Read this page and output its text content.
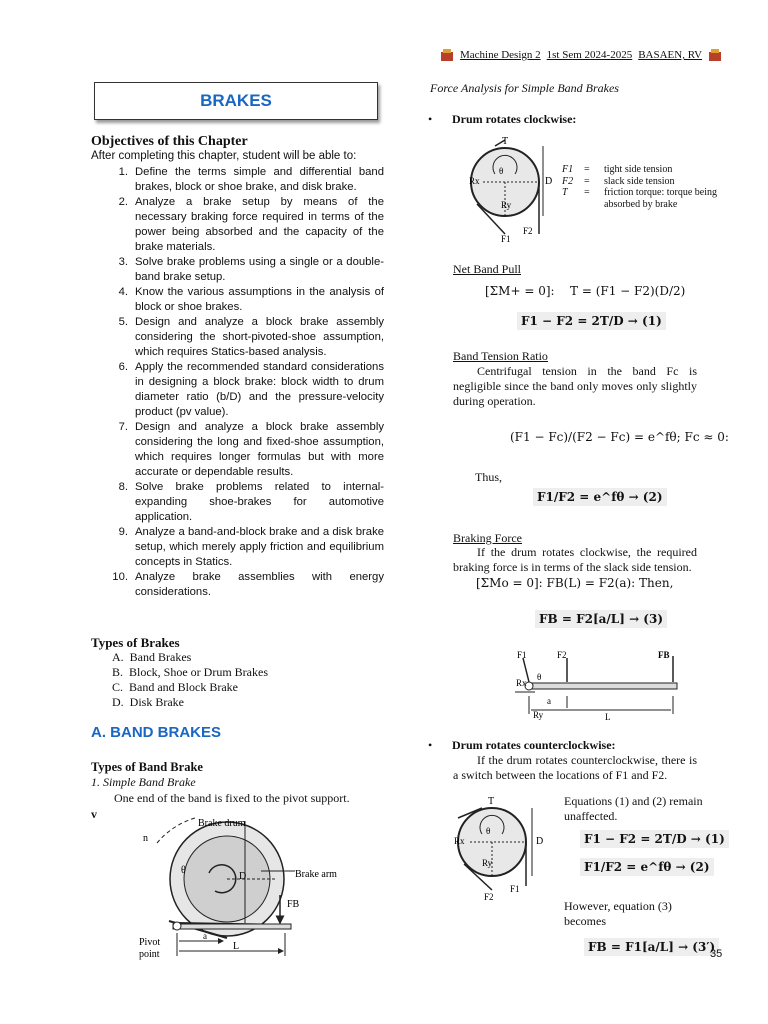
Machine Design 2 1st Sem 2024-2025 BASAEN, RV
BRAKES
Objectives of this Chapter
After completing this chapter, student will be able to:
1. Define the terms simple and differential band brakes, block or shoe brake, and disk brake.
2. Analyze a brake setup by means of the necessary braking force required in terms of the power being absorbed and the capacity of the brake materials.
3. Solve brake problems using a single or a double-band brake setup.
4. Know the various assumptions in the analysis of block or shoe brakes.
5. Design and analyze a block brake assembly considering the short-pivoted-shoe assumption, which requires Statics-based analysis.
6. Apply the recommended standard considerations in designing a block brake: block width to drum diameter ratio (b/D) and the pressure-velocity product (pv value).
7. Design and analyze a block brake assembly considering the long and fixed-shoe assumption, which requires longer formulas but with more accurate or dependable results.
8. Solve brake problems related to internal-expanding shoe-brakes for automotive application.
9. Analyze a band-and-block brake and a disk brake setup, which merely apply friction and equilibrium concepts in Statics.
10. Analyze brake assemblies with energy considerations.
Types of Brakes
A.  Band Brakes
B.  Block, Shoe or Drum Brakes
C.  Band and Block Brake
D.  Disk Brake
A. BAND BRAKES
Types of Band Brake
1. Simple Band Brake
One end of the band is fixed to the pivot support.
v
Brake drum
n
θ
D	Brake arm
FB
a
L
Pivot
point
Force Analysis for Simple Band Brakes
• Drum rotates clockwise:
T
Rx
Ry
θ
D
F1
F2
F1	=	tight side tension
F2	=	slack side tension
T	=	friction torque: torque being absorbed by brake
Net Band Pull
[ΣM+ = 0]: T = (F1 − F2)(D/2)
F1 − F2 = 2T/D → (1)
Band Tension Ratio
Centrifugal tension in the band Fc is negligible since the band only moves only slightly during operation.
(F1 − Fc)/(F2 − Fc) = e^fθ; Fc ≈ 0:
Thus,
F1/F2 = e^fθ → (2)
Braking Force
If the drum rotates clockwise, the required braking force is in terms of the slack side tension.
[ΣMo = 0]: FB(L) = F2(a): Then,
FB = F2[a/L] → (3)
F1	F2	FB
Rx
Ry
θ
a
L
• Drum rotates counterclockwise:
If the drum rotates counterclockwise, there is a switch between the locations of F1 and F2.
T
Rx
Ry
θ
D
F1
F2
Equations (1) and (2) remain unaffected.
F1 − F2 = 2T/D → (1)
F1/F2 = e^fθ → (2)
However, equation (3) becomes
FB = F1[a/L] → (3′)
35
